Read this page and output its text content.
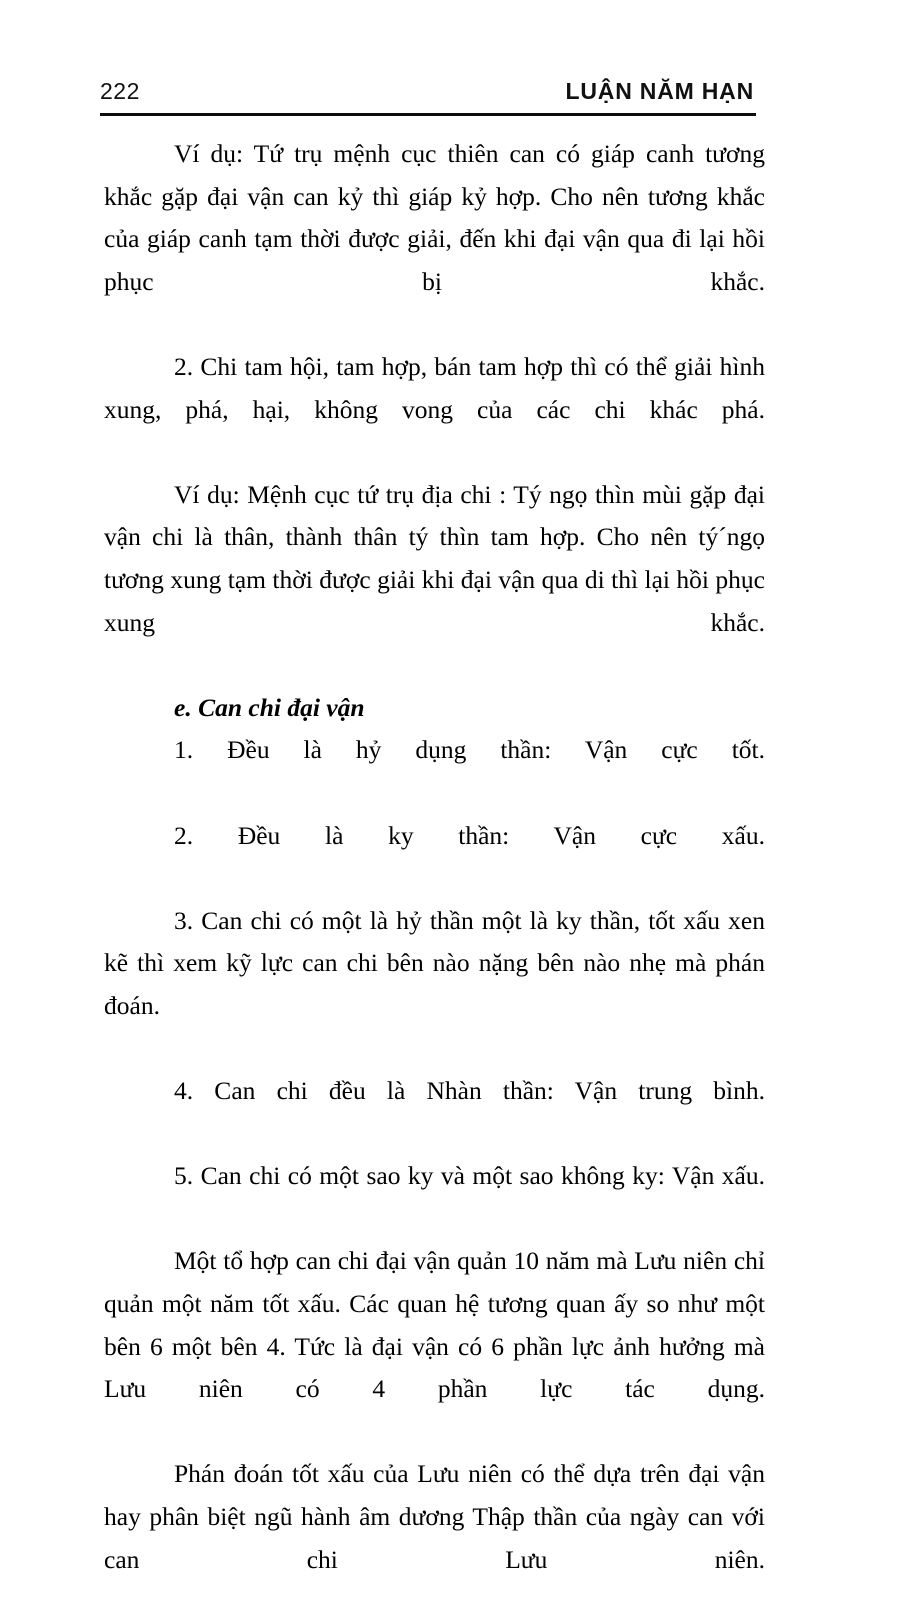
222	LUẬN NĂM HẠN

Ví dụ: Tứ trụ mệnh cục thiên can có giáp canh tương khắc gặp đại vận can kỷ thì giáp kỷ hợp. Cho nên tương khắc của giáp canh tạm thời được giải, đến khi đại vận qua đi lại hồi phục bị khắc.

2. Chi tam hội, tam hợp, bán tam hợp thì có thể giải hình xung, phá, hại, không vong của các chi khác phá.

Ví dụ: Mệnh cục tứ trụ địa chi : Tý ngọ thìn mùi gặp đại vận chi là thân, thành thân tý thìn tam hợp. Cho nên tý´ngọ tương xung tạm thời được giải khi đại vận qua di thì lại hồi phục xung khắc.

e. Can chi đại vận

1. Đều là hỷ dụng thần: Vận cực tốt.

2. Đều là ky thần: Vận cực xấu.

3. Can chi có một là hỷ thần một là ky thần, tốt xấu xen kẽ thì xem kỹ lực can chi bên nào nặng bên nào nhẹ mà phán đoán.

4. Can chi đều là Nhàn thần: Vận trung bình.

5. Can chi có một sao ky và một sao không ky: Vận xấu.

Một tổ hợp can chi đại vận quản 10 năm mà Lưu niên chỉ quản một năm tốt xấu. Các quan hệ tương quan ấy so như một bên 6 một bên 4. Tức là đại vận có 6 phần lực ảnh hưởng mà Lưu niên có 4 phần lực tác dụng.

Phán đoán tốt xấu của Lưu niên có thể dựa trên đại vận hay phân biệt ngũ hành âm dương Thập thần của ngày can với can chi Lưu niên.
